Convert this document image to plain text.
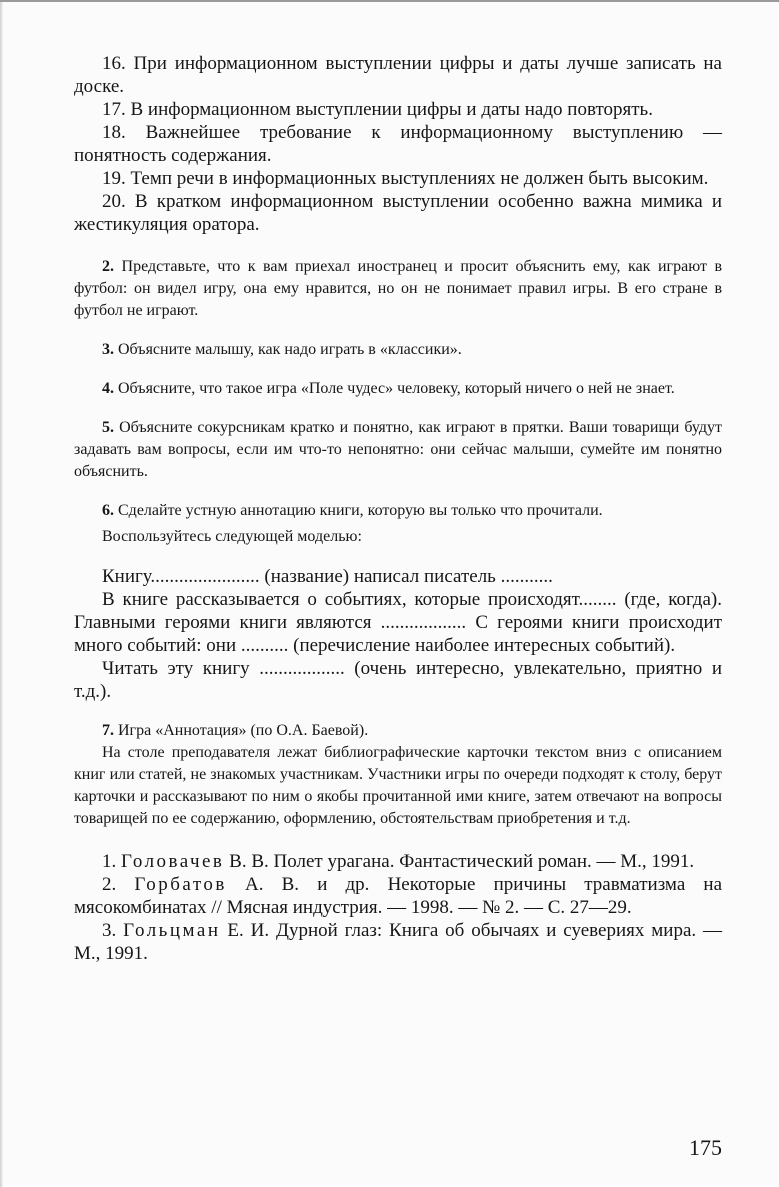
16. При информационном выступлении цифры и даты лучше записать на доске.

17. В информационном выступлении цифры и даты надо повторять.

18. Важнейшее требование к информационному выступлению — понятность содержания.

19. Темп речи в информационных выступлениях не должен быть высоким.

20. В кратком информационном выступлении особенно важна мимика и жестикуляция оратора.

2. Представьте, что к вам приехал иностранец и просит объяснить ему, как играют в футбол: он видел игру, она ему нравится, но он не понимает правил игры. В его стране в футбол не играют.

3. Объясните малышу, как надо играть в «классики».

4. Объясните, что такое игра «Поле чудес» человеку, который ничего о ней не знает.

5. Объясните сокурсникам кратко и понятно, как играют в прятки. Ваши товарищи будут задавать вам вопросы, если им что-то непонятно: они сейчас малыши, сумейте им понятно объяснить.

6. Сделайте устную аннотацию книги, которую вы только что прочитали.

Воспользуйтесь следующей моделью:

Книгу....................... (название) написал писатель ...........

В книге рассказывается о событиях, которые происходят........ (где, когда). Главными героями книги являются .................. С героями книги происходит много событий: они .......... (перечисление наиболее интересных событий).

Читать эту книгу .................. (очень интересно, увлекательно, приятно и т.д.).

7. Игра «Аннотация» (по О.А. Баевой).

На столе преподавателя лежат библиографические карточки текстом вниз с описанием книг или статей, не знакомых участникам. Участники игры по очереди подходят к столу, берут карточки и рассказывают по ним о якобы прочитанной ими книге, затем отвечают на вопросы товарищей по ее содержанию, оформлению, обстоятельствам приобретения и т.д.

1. Головачев В. В. Полет урагана. Фантастический роман. — М., 1991.

2. Горбатов А. В. и др. Некоторые причины травматизма на мясокомбинатах // Мясная индустрия. — 1998. — № 2. — С. 27—29.

3. Гольцман Е. И. Дурной глаз: Книга об обычаях и суевериях мира. — М., 1991.

175
